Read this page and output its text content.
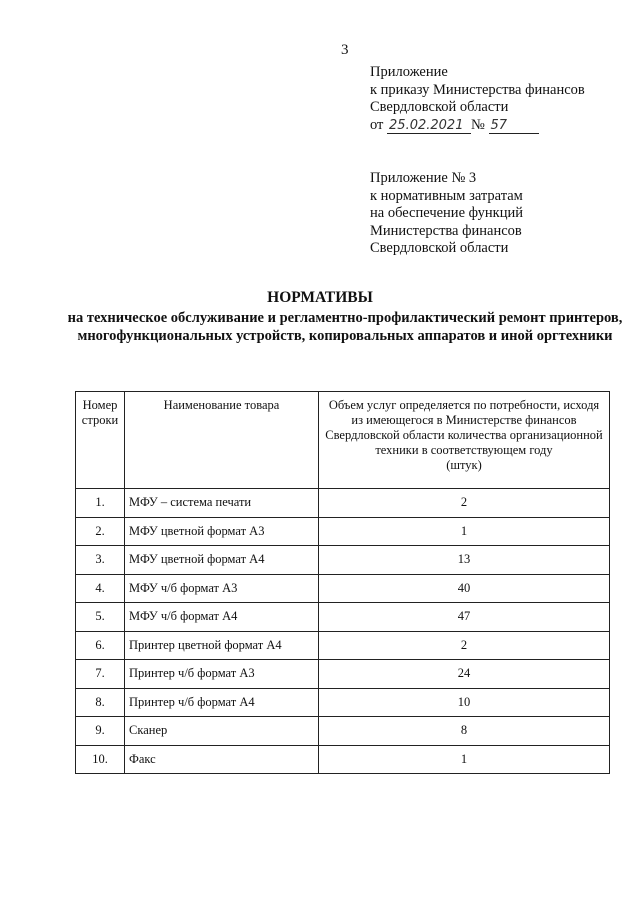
3
Приложение
к приказу Министерства финансов
Свердловской области
от 25.02.2021 № 57
Приложение № 3
к нормативным затратам
на обеспечение функций
Министерства финансов
Свердловской области
НОРМАТИВЫ
на техническое обслуживание и регламентно-профилактический ремонт принтеров, многофункциональных устройств, копировальных аппаратов и иной оргтехники
Номер строки	Наименование товара	Объем услуг определяется по потребности, исходя из имеющегося в Министерстве финансов Свердловской области количества организационной техники в соответствующем году
(штук)
1.	МФУ – система печати	2
2.	МФУ цветной формат А3	1
3.	МФУ цветной формат А4	13
4.	МФУ ч/б формат А3	40
5.	МФУ ч/б формат А4	47
6.	Принтер цветной формат А4	2
7.	Принтер ч/б формат А3	24
8.	Принтер ч/б формат А4	10
9.	Сканер	8
10.	Факс	1
